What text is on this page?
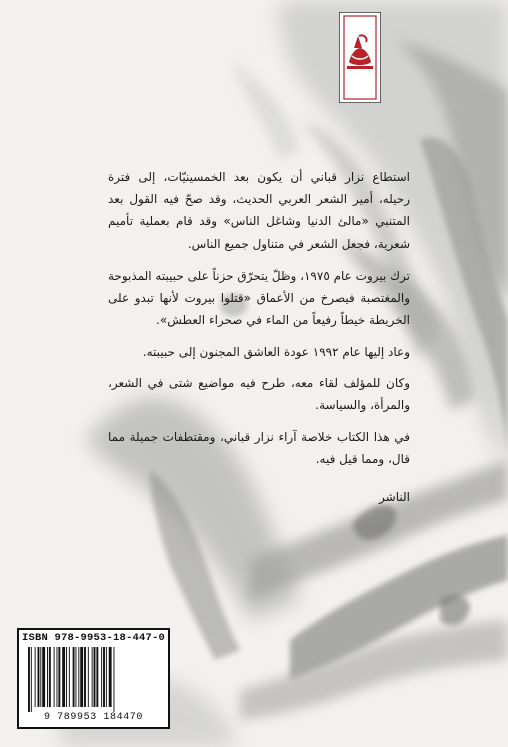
استطاع نزار قباني أن يكون بعد الخمسينيّات، إلى فترة رحيله، أمير الشعر العربي الحديث، وقد صحّ فيه القول بعد المتنبي «مالئ الدنيا وشاغل الناس» وقد قام بعملية تأميم شعرية، فجعل الشعر في متناول جميع الناس.

ترك بيروت عام ١٩٧٥، وظلّ يتحرّق حزناً على حبيبته المذبوحة والمغتصبة فيصرخ من الأعماق «قتلوا بيروت لأنها تبدو على الخريطة خيطاً رفيعاً من الماء في صحراء العطش».

وعاد إليها عام ١٩٩٢ عودة العاشق المجنون إلى حبيبته.

وكان للمؤلف لقاء معه، طرح فيه مواضيع شتى في الشعر، والمرأة، والسياسة.

في هذا الكتاب خلاصة آراء نزار قباني، ومقتطفات جميلة مما قال، ومما قيل فيه.

الناشر

ISBN 978-9953-18-447-0
9 789953 184470
